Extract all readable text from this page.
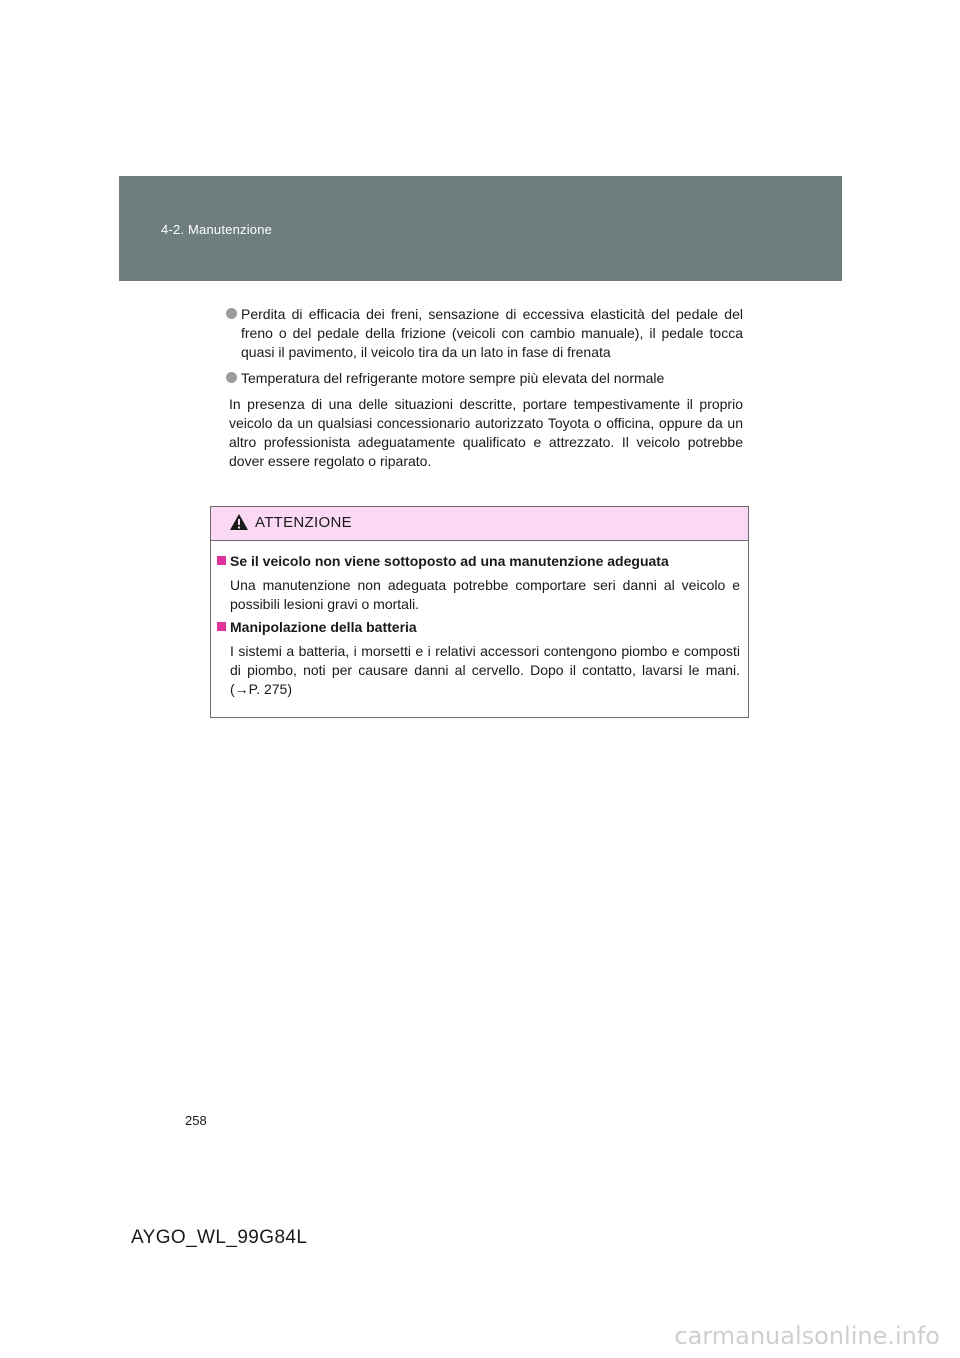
4-2. Manutenzione
Perdita di efficacia dei freni, sensazione di eccessiva elasticità del pedale del freno o del pedale della frizione (veicoli con cambio manuale), il pedale tocca quasi il pavimento, il veicolo tira da un lato in fase di frenata
Temperatura del refrigerante motore sempre più elevata del normale
In presenza di una delle situazioni descritte, portare tempestivamente il proprio veicolo da un qualsiasi concessionario autorizzato Toyota o officina, oppure da un altro professionista adeguatamente qualificato e attrezzato. Il veicolo potrebbe dover essere regolato o riparato.
ATTENZIONE
Se il veicolo non viene sottoposto ad una manutenzione adeguata
Una manutenzione non adeguata potrebbe comportare seri danni al veicolo e possibili lesioni gravi o mortali.
Manipolazione della batteria
I sistemi a batteria, i morsetti e i relativi accessori contengono piombo e composti di piombo, noti per causare danni al cervello. Dopo il contatto, lavarsi le mani. (→P. 275)
258
AYGO_WL_99G84L
carmanualsonline.info
